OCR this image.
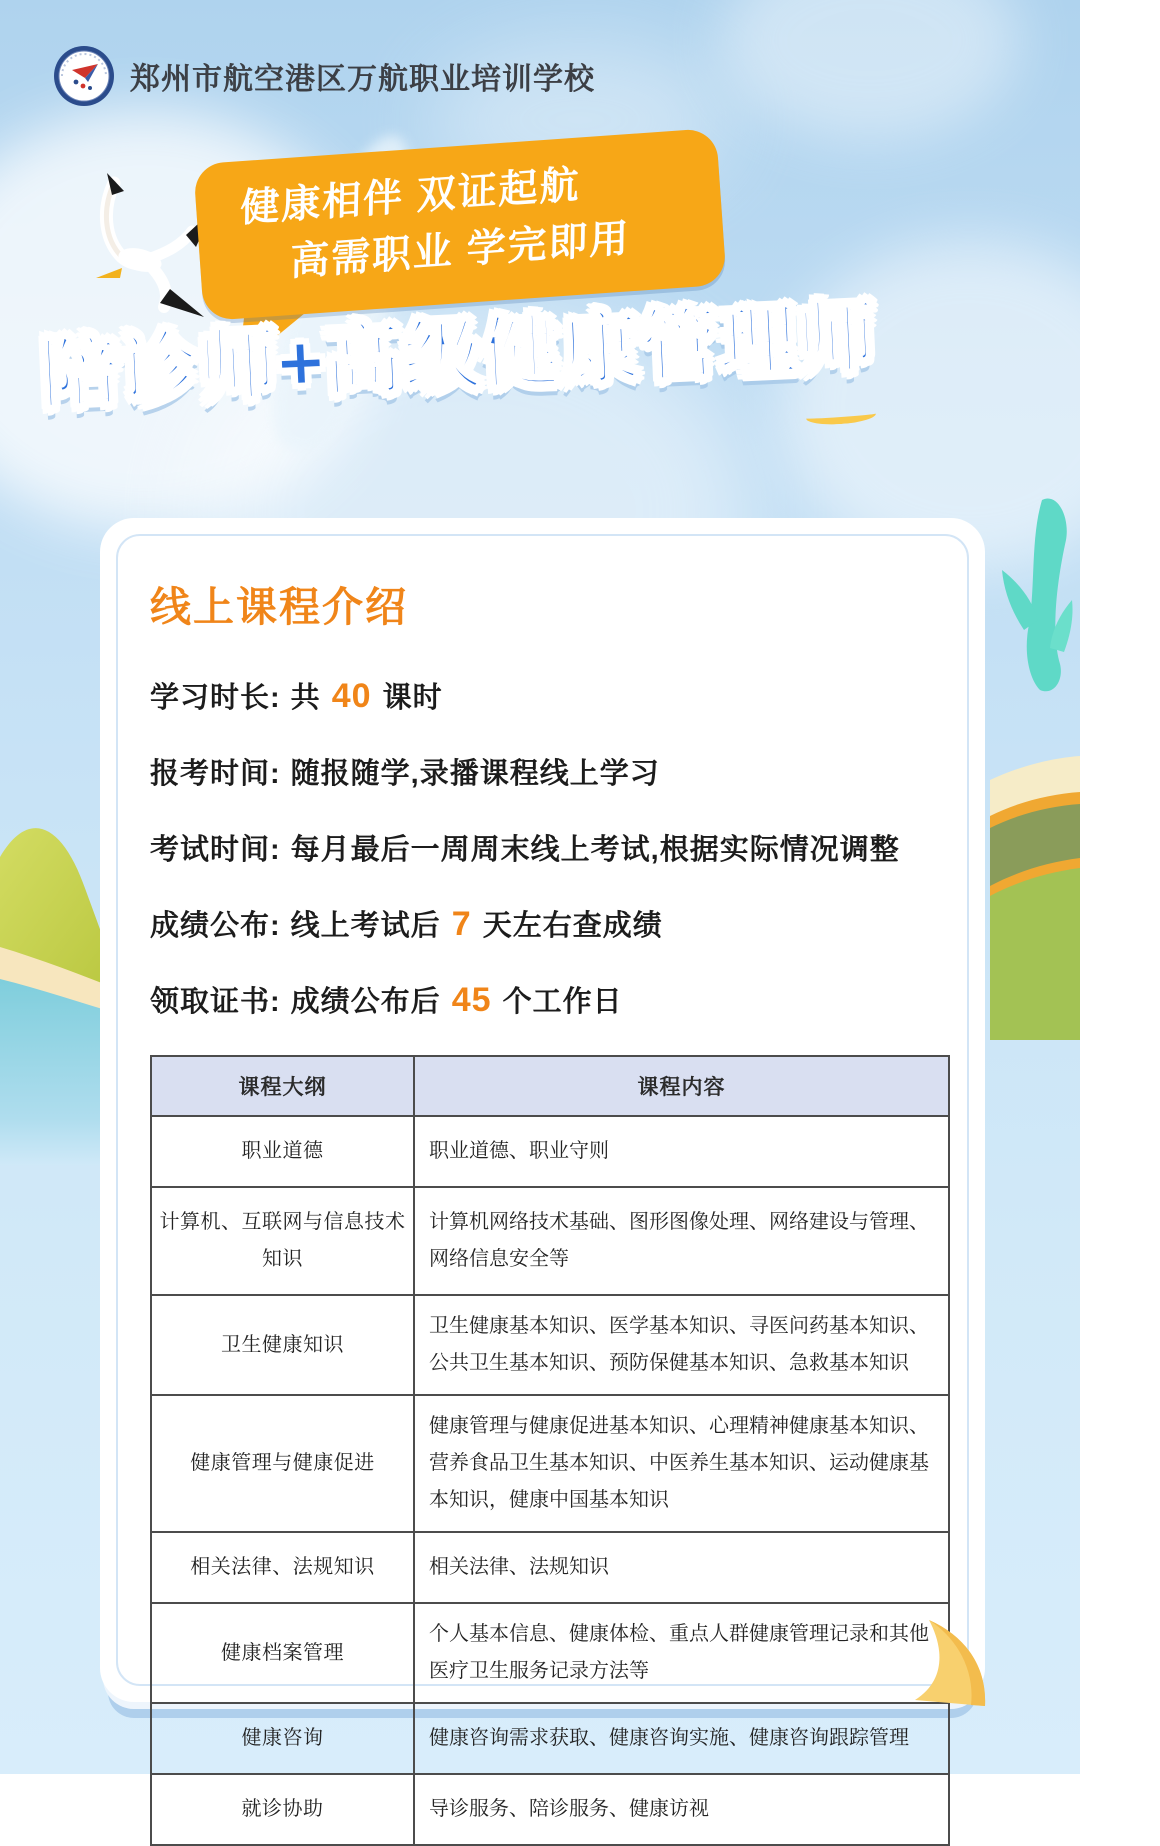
郑州市航空港区万航职业培训学校
健康相伴 双证起航
高需职业 学完即用
陪诊师+高级健康管理师
线上课程介绍
学习时长: 共 40 课时
报考时间: 随报随学,录播课程线上学习
考试时间: 每月最后一周周末线上考试,根据实际情况调整
成绩公布: 线上考试后 7 天左右查成绩
领取证书: 成绩公布后 45 个工作日
课程大纲	课程内容
职业道德	职业道德、职业守则
计算机、互联网与信息技术知识	计算机网络技术基础、图形图像处理、网络建设与管理、网络信息安全等
卫生健康知识	卫生健康基本知识、医学基本知识、寻医问药基本知识、公共卫生基本知识、预防保健基本知识、急救基本知识
健康管理与健康促进	健康管理与健康促进基本知识、心理精神健康基本知识、营养食品卫生基本知识、中医养生基本知识、运动健康基本知识，健康中国基本知识
相关法律、法规知识	相关法律、法规知识
健康档案管理	个人基本信息、健康体检、重点人群健康管理记录和其他医疗卫生服务记录方法等
健康咨询	健康咨询需求获取、健康咨询实施、健康咨询跟踪管理
就诊协助	导诊服务、陪诊服务、健康访视
